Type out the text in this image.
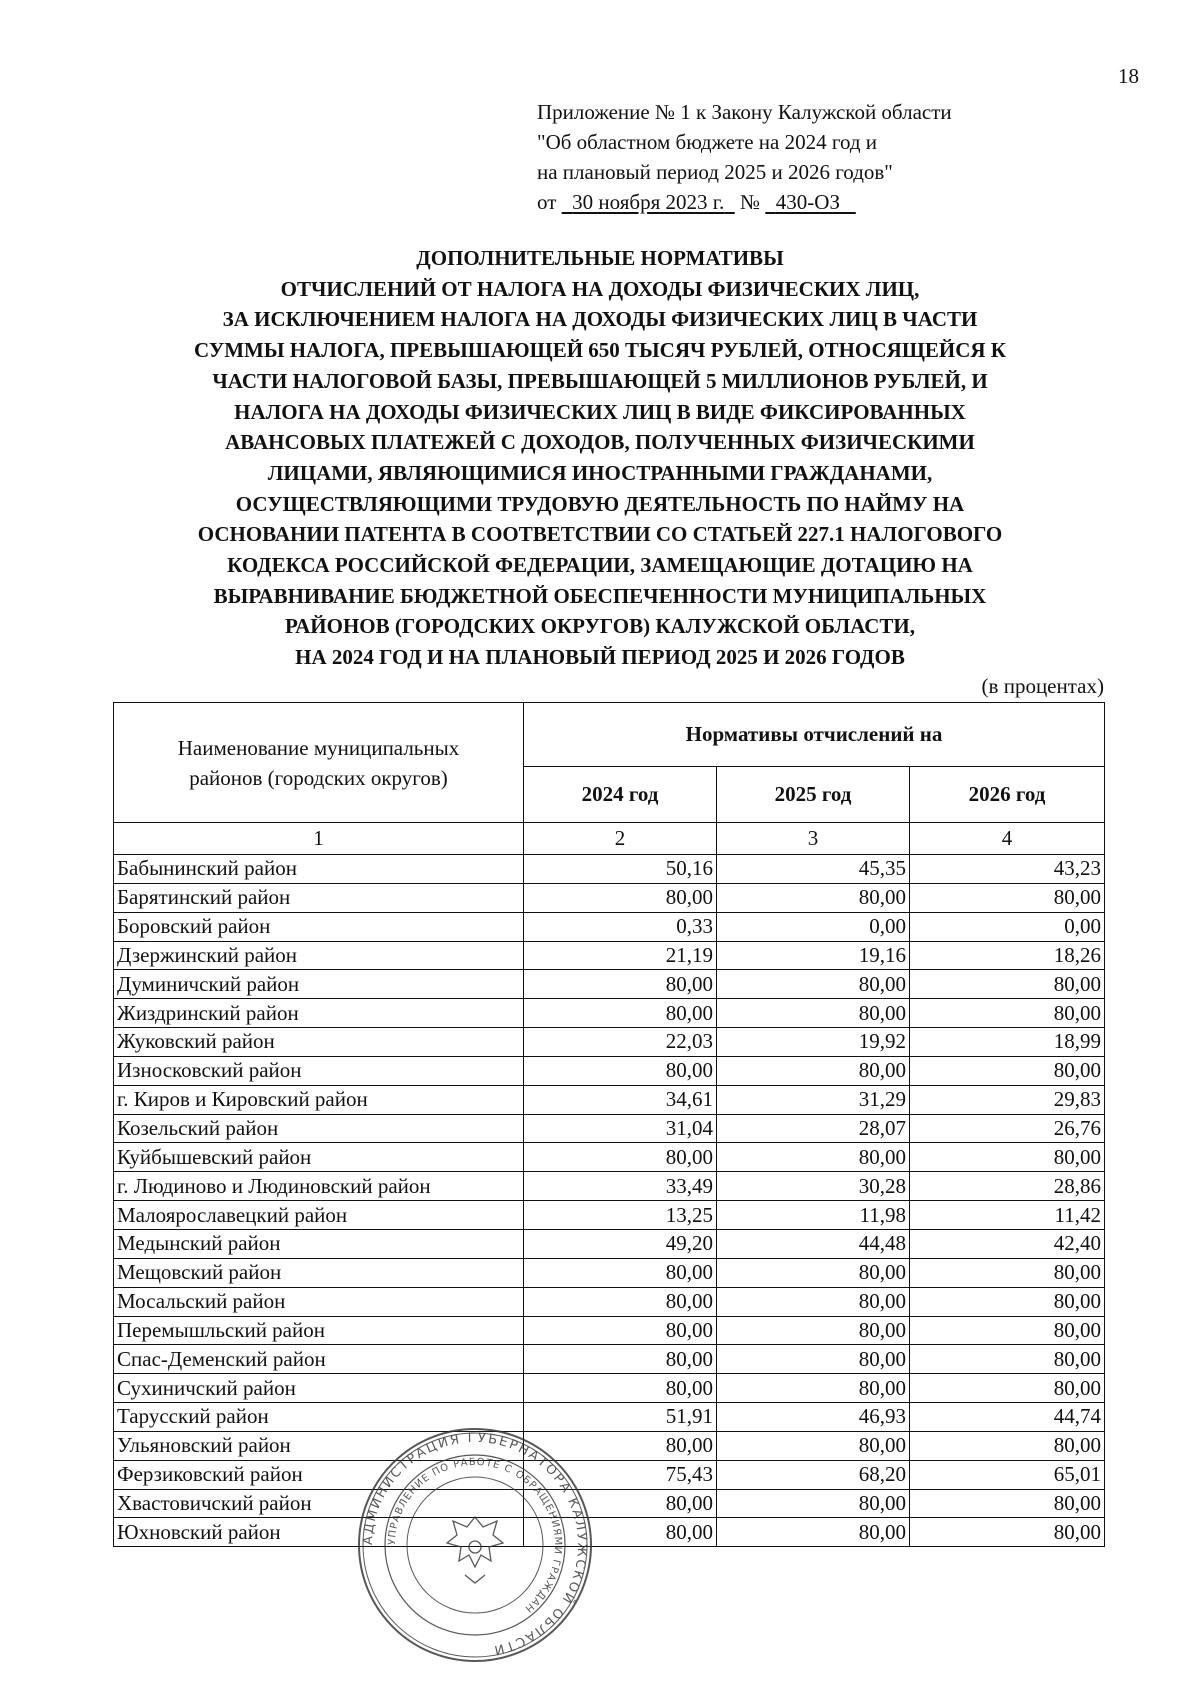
18
Приложение № 1 к Закону Калужской области
"Об областном бюджете на 2024 год и
на плановый период 2025 и 2026 годов"
от 30 ноября 2023 г. № 430-ОЗ
ДОПОЛНИТЕЛЬНЫЕ НОРМАТИВЫ
ОТЧИСЛЕНИЙ ОТ НАЛОГА НА ДОХОДЫ ФИЗИЧЕСКИХ ЛИЦ,
ЗА ИСКЛЮЧЕНИЕМ НАЛОГА НА ДОХОДЫ ФИЗИЧЕСКИХ ЛИЦ В ЧАСТИ
СУММЫ НАЛОГА, ПРЕВЫШАЮЩЕЙ 650 ТЫСЯЧ РУБЛЕЙ, ОТНОСЯЩЕЙСЯ К
ЧАСТИ НАЛОГОВОЙ БАЗЫ, ПРЕВЫШАЮЩЕЙ 5 МИЛЛИОНОВ РУБЛЕЙ, И
НАЛОГА НА ДОХОДЫ ФИЗИЧЕСКИХ ЛИЦ В ВИДЕ ФИКСИРОВАННЫХ
АВАНСОВЫХ ПЛАТЕЖЕЙ С ДОХОДОВ, ПОЛУЧЕННЫХ ФИЗИЧЕСКИМИ
ЛИЦАМИ, ЯВЛЯЮЩИМИСЯ ИНОСТРАННЫМИ ГРАЖДАНАМИ,
ОСУЩЕСТВЛЯЮЩИМИ ТРУДОВУЮ ДЕЯТЕЛЬНОСТЬ ПО НАЙМУ НА
ОСНОВАНИИ ПАТЕНТА В СООТВЕТСТВИИ СО СТАТЬЕЙ 227.1 НАЛОГОВОГО
КОДЕКСА РОССИЙСКОЙ ФЕДЕРАЦИИ, ЗАМЕЩАЮЩИЕ ДОТАЦИЮ НА
ВЫРАВНИВАНИЕ БЮДЖЕТНОЙ ОБЕСПЕЧЕННОСТИ МУНИЦИПАЛЬНЫХ
РАЙОНОВ (ГОРОДСКИХ ОКРУГОВ) КАЛУЖСКОЙ ОБЛАСТИ,
НА 2024 ГОД И НА ПЛАНОВЫЙ ПЕРИОД 2025 И 2026 ГОДОВ
(в процентах)
Наименование муниципальных
районов (городских округов)	Нормативы отчислений на		
	2024 год	2025 год	2026 год
1	2	3	4
Бабынинский район	50,16	45,35	43,23
Барятинский район	80,00	80,00	80,00
Боровский район	0,33	0,00	0,00
Дзержинский район	21,19	19,16	18,26
Думиничский район	80,00	80,00	80,00
Жиздринский район	80,00	80,00	80,00
Жуковский район	22,03	19,92	18,99
Износковский район	80,00	80,00	80,00
г. Киров и Кировский район	34,61	31,29	29,83
Козельский район	31,04	28,07	26,76
Куйбышевский район	80,00	80,00	80,00
г. Людиново и Людиновский район	33,49	30,28	28,86
Малоярославецкий район	13,25	11,98	11,42
Медынский район	49,20	44,48	42,40
Мещовский район	80,00	80,00	80,00
Мосальский район	80,00	80,00	80,00
Перемышльский район	80,00	80,00	80,00
Спас-Деменский район	80,00	80,00	80,00
Сухиничский район	80,00	80,00	80,00
Тарусский район	51,91	46,93	44,74
Ульяновский район	80,00	80,00	80,00
Ферзиковский район	75,43	68,20	65,01
Хвастовичский район	80,00	80,00	80,00
Юхновский район	80,00	80,00	80,00
АДМИНИСТРАЦИЯ ГУБЕРНАТОРА КАЛУЖСКОЙ ОБЛАСТИ
УПРАВЛЕНИЕ ПО РАБОТЕ С ОБРАЩЕНИЯМИ ГРАЖДАН
